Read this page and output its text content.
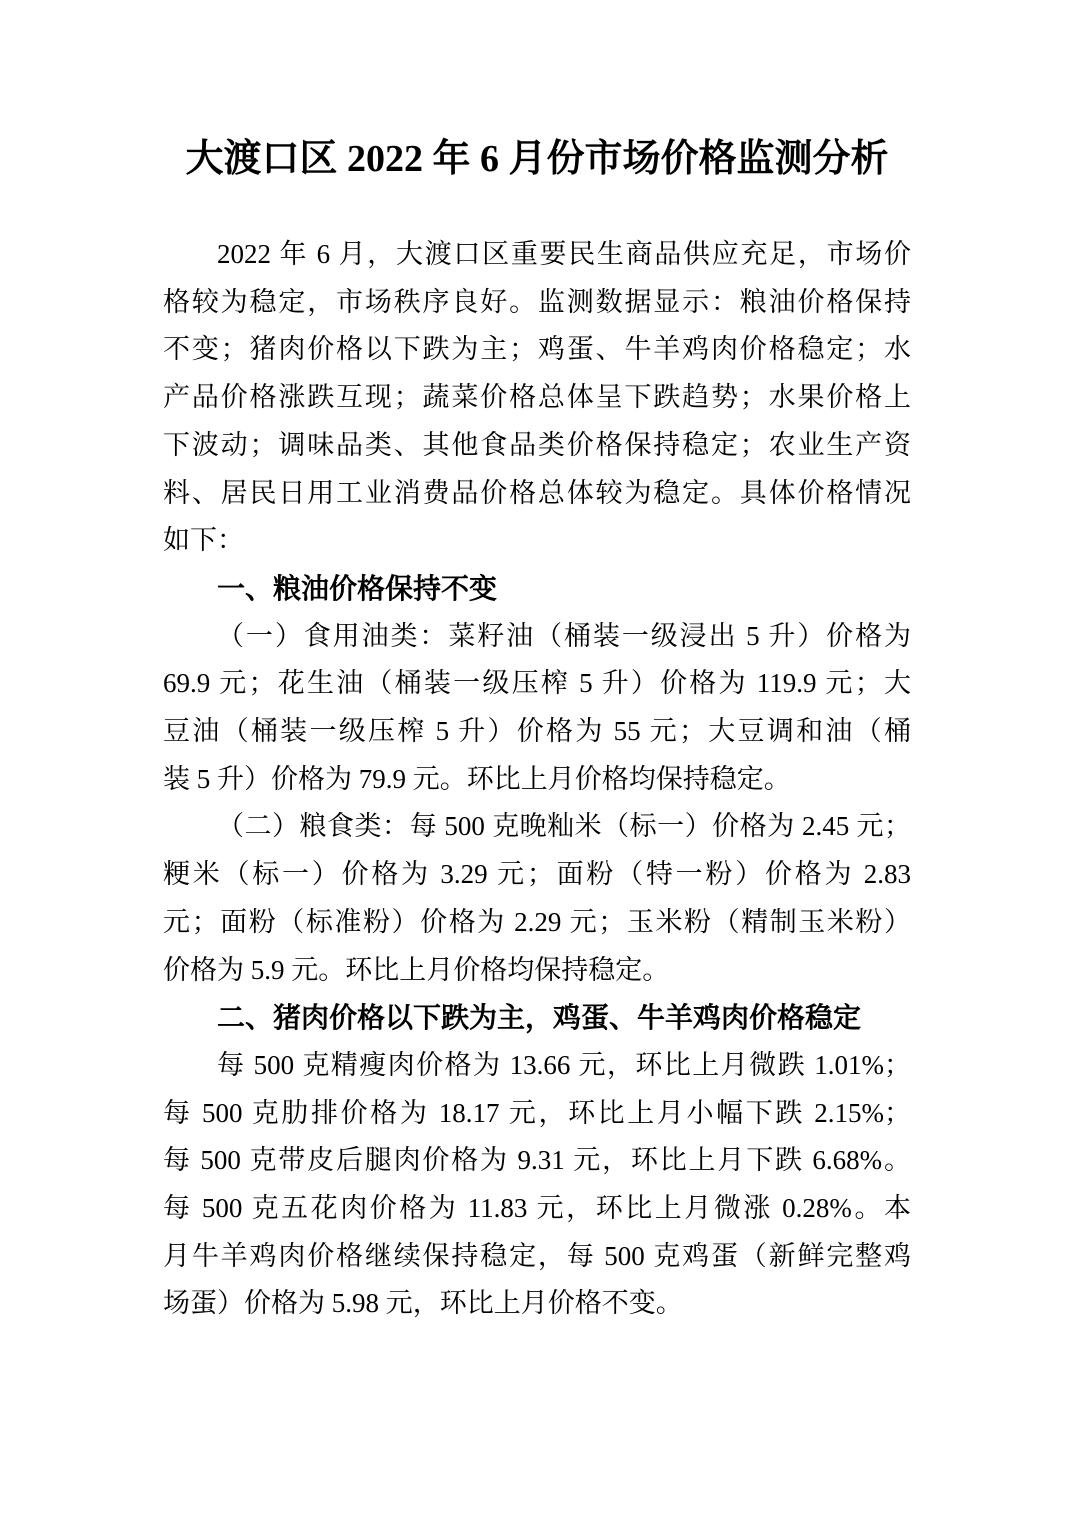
大渡口区 2022 年 6 月份市场价格监测分析
2022 年 6 月，大渡口区重要民生商品供应充足，市场价
格较为稳定，市场秩序良好。监测数据显示：粮油价格保持
不变；猪肉价格以下跌为主；鸡蛋、牛羊鸡肉价格稳定；水
产品价格涨跌互现；蔬菜价格总体呈下跌趋势；水果价格上
下波动；调味品类、其他食品类价格保持稳定；农业生产资
料、居民日用工业消费品价格总体较为稳定。具体价格情况
如下：
一、粮油价格保持不变
（一）食用油类：菜籽油（桶装一级浸出 5 升）价格为
69.9 元；花生油（桶装一级压榨 5 升）价格为 119.9 元；大
豆油（桶装一级压榨 5 升）价格为 55 元；大豆调和油（桶
装 5 升）价格为 79.9 元。环比上月价格均保持稳定。
（二）粮食类：每 500 克晚籼米（标一）价格为 2.45 元；
粳米（标一）价格为 3.29 元；面粉（特一粉）价格为 2.83
元；面粉（标准粉）价格为 2.29 元；玉米粉（精制玉米粉）
价格为 5.9 元。环比上月价格均保持稳定。
二、猪肉价格以下跌为主，鸡蛋、牛羊鸡肉价格稳定
每 500 克精瘦肉价格为 13.66 元，环比上月微跌 1.01%；
每 500 克肋排价格为 18.17 元，环比上月小幅下跌 2.15%；
每 500 克带皮后腿肉价格为 9.31 元，环比上月下跌 6.68%。
每 500 克五花肉价格为 11.83 元，环比上月微涨 0.28%。本
月牛羊鸡肉价格继续保持稳定，每 500 克鸡蛋（新鲜完整鸡
场蛋）价格为 5.98 元，环比上月价格不变。
